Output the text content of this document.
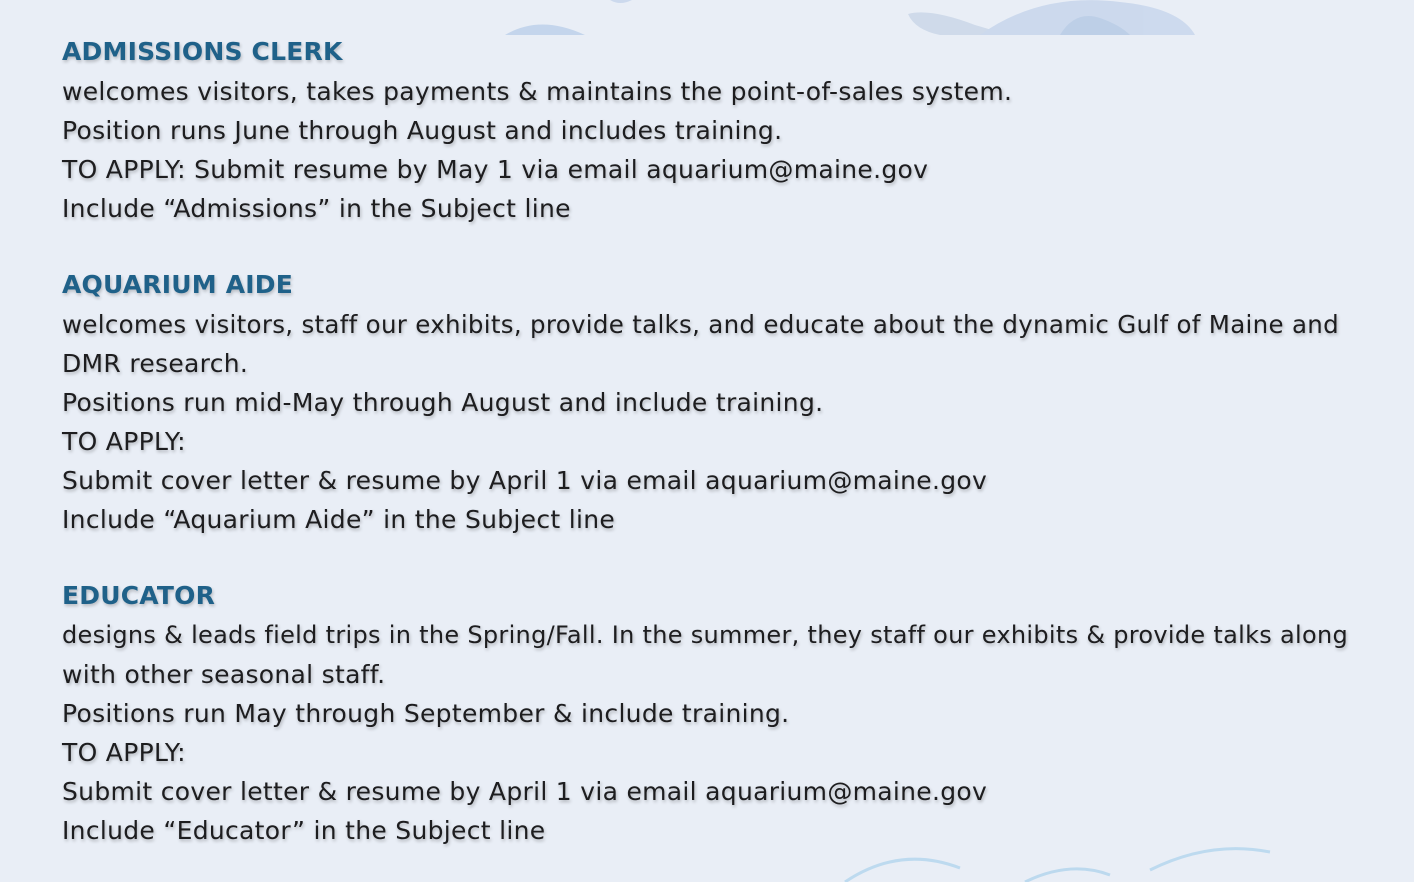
ADMISSIONS CLERK
welcomes visitors, takes payments & maintains the point-of-sales system.
Position runs June through August and includes training.
TO APPLY: Submit resume by May 1 via email aquarium@maine.gov
Include “Admissions” in the Subject line
AQUARIUM AIDE
welcomes visitors, staff our exhibits, provide talks, and educate about the dynamic Gulf of Maine and
DMR research.
Positions run mid-May through August and include training.
TO APPLY:
Submit cover letter & resume by April 1 via email aquarium@maine.gov
Include “Aquarium Aide” in the Subject line
EDUCATOR
designs & leads field trips in the Spring/Fall. In the summer, they staff our exhibits & provide talks along
with other seasonal staff.
Positions run May through September & include training.
TO APPLY:
Submit cover letter & resume by April 1 via email aquarium@maine.gov
Include “Educator” in the Subject line
